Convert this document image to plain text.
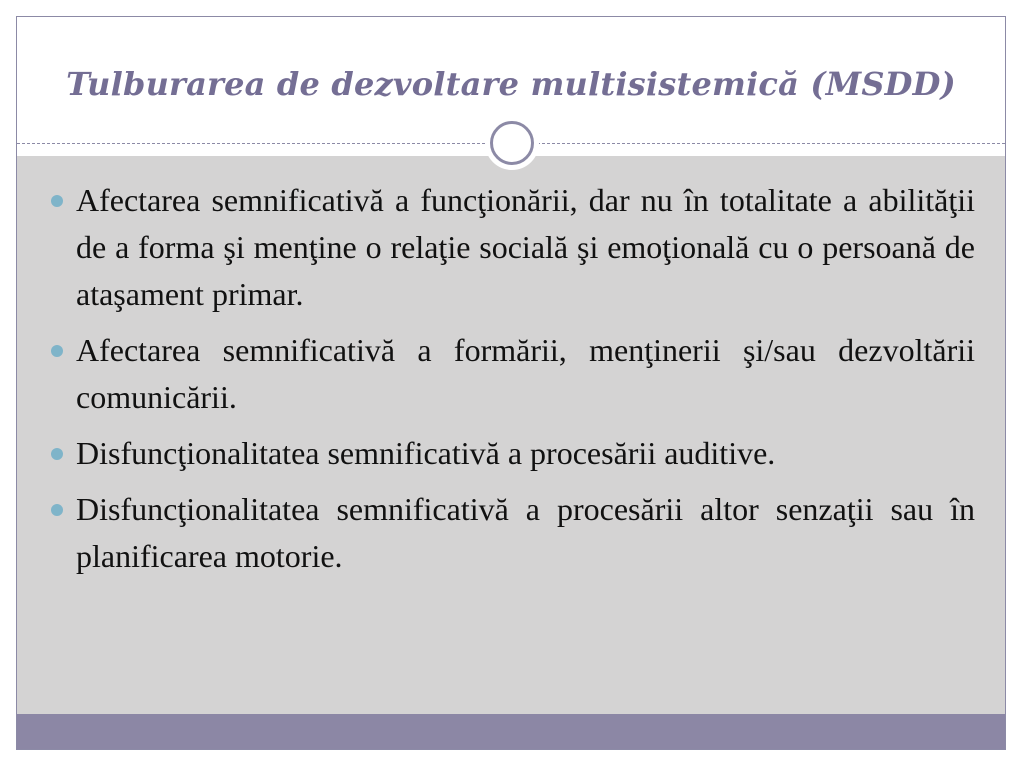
Tulburarea de dezvoltare multisistemică (MSDD)
Afectarea semnificativă a funcţionării, dar nu în totalitate a abilităţii de a forma şi menţine o relaţie socială şi emoţională cu o persoană de ataşament primar.
Afectarea semnificativă a formării, menţinerii şi/sau dezvoltării comunicării.
Disfuncţionalitatea semnificativă a procesării auditive.
Disfuncţionalitatea semnificativă a procesării altor senzaţii sau în planificarea motorie.
